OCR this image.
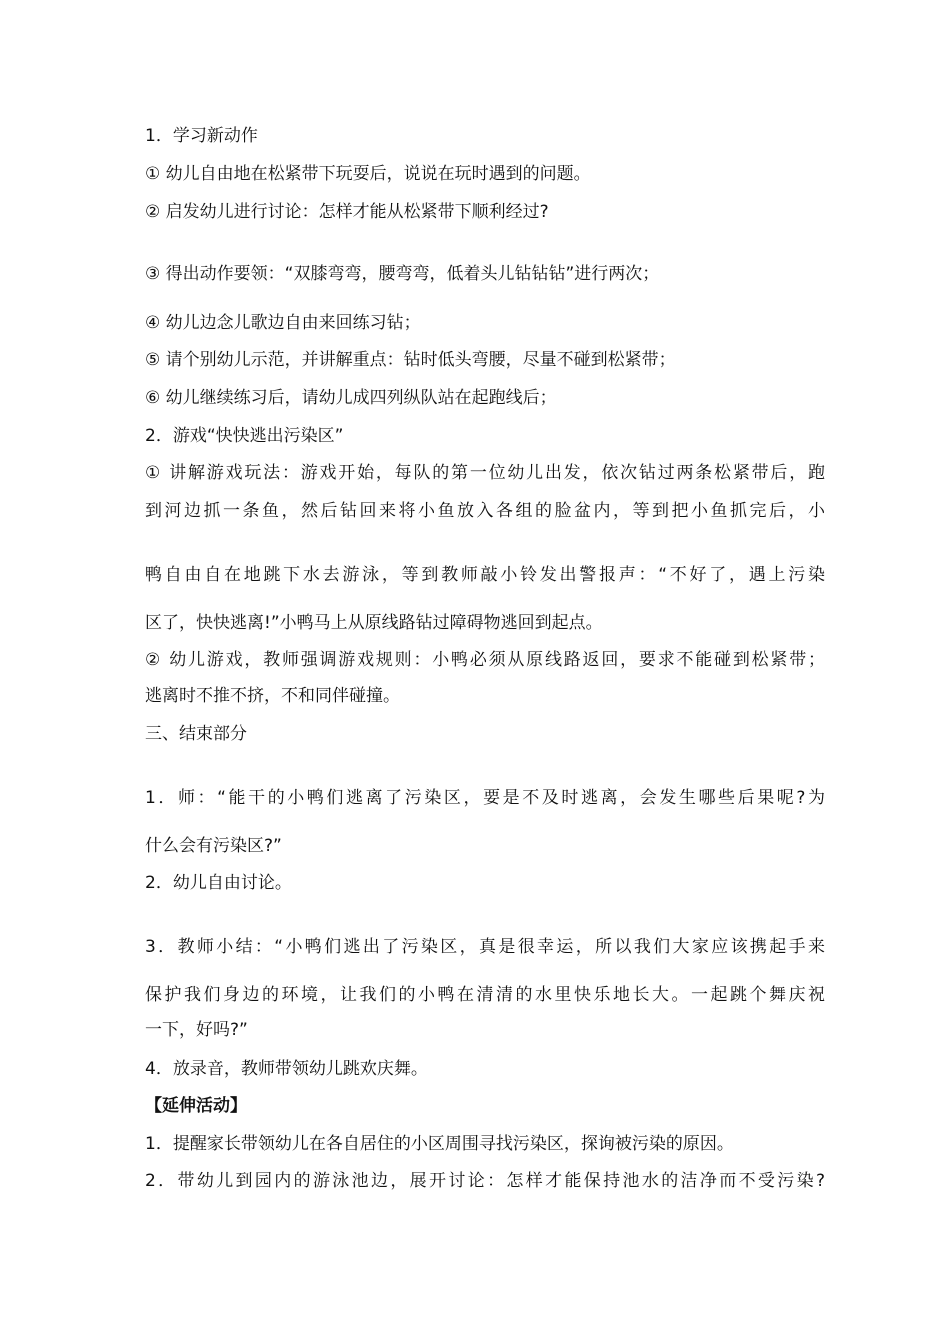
1．学习新动作
① 幼儿自由地在松紧带下玩耍后，说说在玩时遇到的问题。
② 启发幼儿进行讨论：怎样才能从松紧带下顺利经过?
③ 得出动作要领：“双膝弯弯，腰弯弯，低着头儿钻钻钻”进行两次；
④ 幼儿边念儿歌边自由来回练习钻；
⑤ 请个别幼儿示范，并讲解重点：钻时低头弯腰，尽量不碰到松紧带；
⑥ 幼儿继续练习后，请幼儿成四列纵队站在起跑线后；
2．游戏“快快逃出污染区”
① 讲解游戏玩法：游戏开始，每队的第一位幼儿出发，依次钻过两条松紧带后，跑
到河边抓一条鱼，然后钻回来将小鱼放入各组的脸盆内，等到把小鱼抓完后，小
鸭自由自在地跳下水去游泳，等到教师敲小铃发出警报声：“不好了，遇上污染
区了，快快逃离!”小鸭马上从原线路钻过障碍物逃回到起点。
② 幼儿游戏，教师强调游戏规则：小鸭必须从原线路返回，要求不能碰到松紧带；
逃离时不推不挤，不和同伴碰撞。
三、结束部分
1．师：“能干的小鸭们逃离了污染区，要是不及时逃离，会发生哪些后果呢?为
什么会有污染区?”
2．幼儿自由讨论。
3．教师小结：“小鸭们逃出了污染区，真是很幸运，所以我们大家应该携起手来
保护我们身边的环境，让我们的小鸭在清清的水里快乐地长大。一起跳个舞庆祝
一下，好吗?”
4．放录音，教师带领幼儿跳欢庆舞。
【延伸活动】
1．提醒家长带领幼儿在各自居住的小区周围寻找污染区，探询被污染的原因。
2．带幼儿到园内的游泳池边，展开讨论：怎样才能保持池水的洁净而不受污染?
